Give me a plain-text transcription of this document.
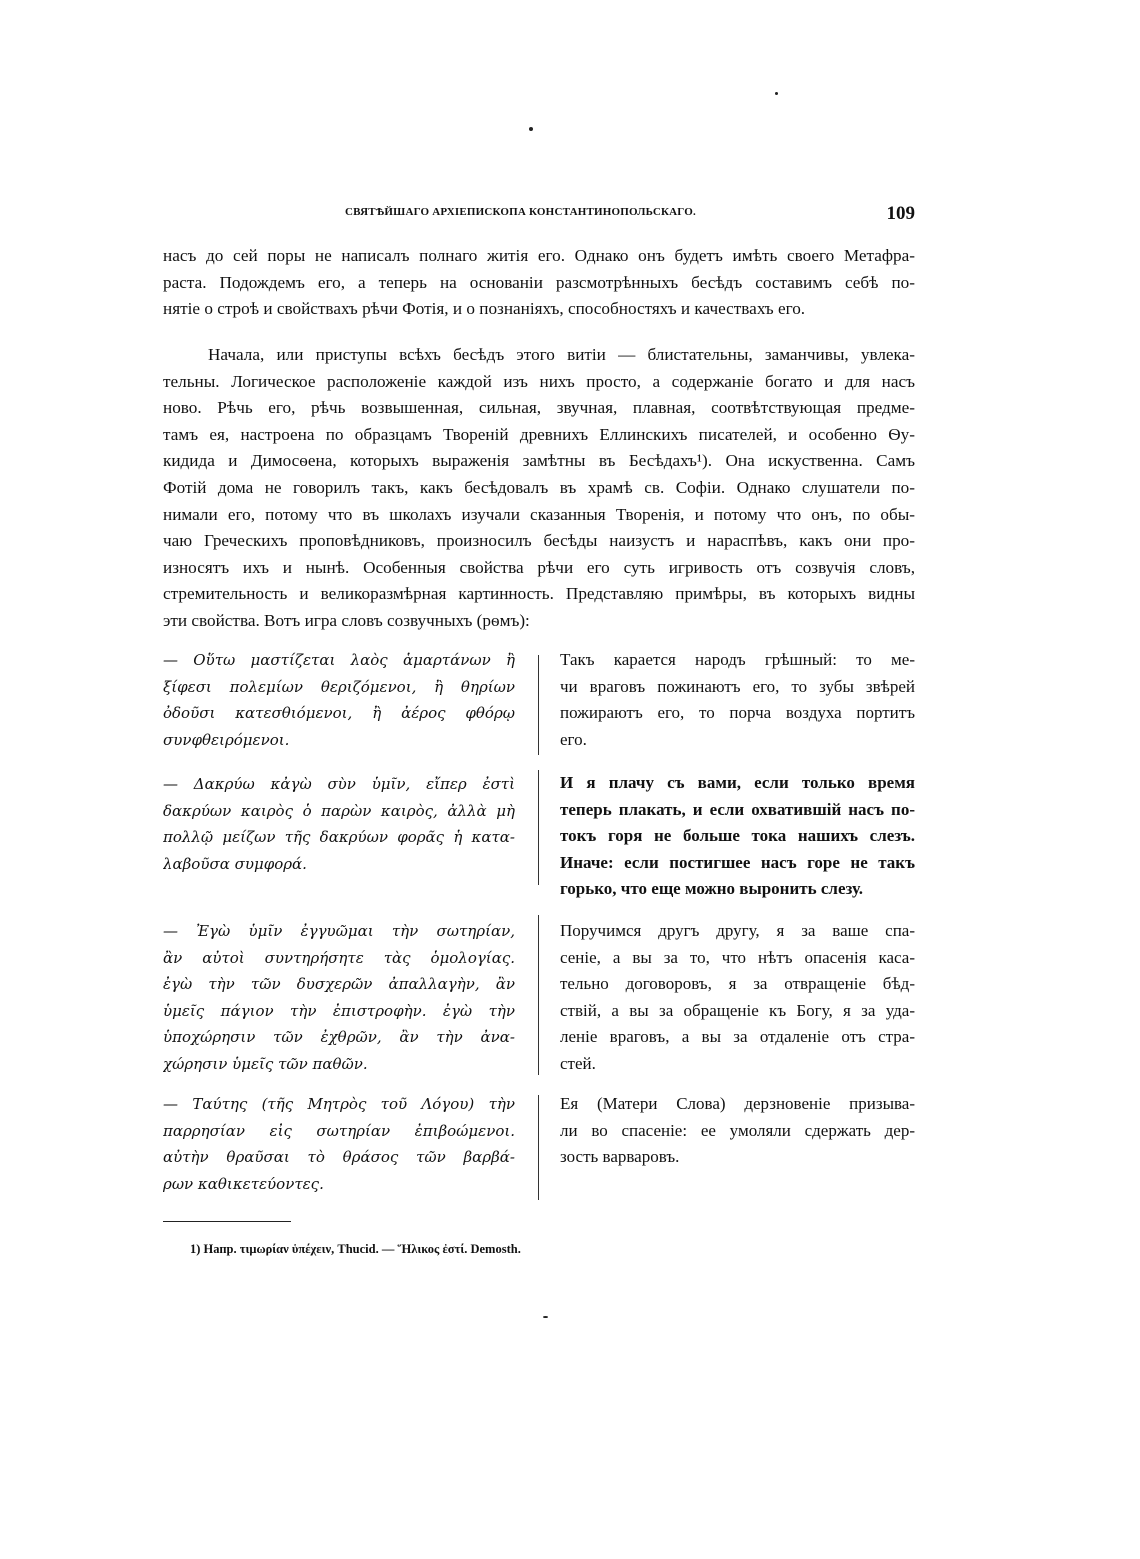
СВЯТѢЙШАГО АРХІЕПИСКОПА КОНСТАНТИНОПОЛЬСКАГО.	109
насъ до сей поры не написалъ полнаго житія его. Однако онъ будетъ имѣть своего Метафра-
раста. Подождемъ его, а теперь на основаніи разсмотрѣнныхъ бесѣдъ составимъ себѣ по-
нятіе о строѣ и свойствахъ рѣчи Фотія, и о познаніяхъ, способностяхъ и качествахъ его.
Начала, или приступы всѣхъ бесѣдъ этого витіи — блистательны, заманчивы, увлека-
тельны. Логическое расположеніе каждой изъ нихъ просто, а содержаніе богато и для насъ
ново. Рѣчь его, рѣчь возвышенная, сильная, звучная, плавная, соотвѣтствующая предме-
тамъ ея, настроена по образцамъ Твореній древнихъ Еллинскихъ писателей, и особенно Ѳу-
кидида и Димосѳена, которыхъ выраженія замѣтны въ Бесѣдахъ¹). Она искуственна. Самъ
Фотій дома не говорилъ такъ, какъ бесѣдовалъ въ храмѣ св. Софіи. Однако слушатели по-
нимали его, потому что въ школахъ изучали сказанныя Творенія, и потому что онъ, по обы-
чаю Греческихъ проповѣдниковъ, произносилъ бесѣды наизустъ и нараспѣвъ, какъ они про-
износятъ ихъ и нынѣ. Особенныя свойства рѣчи его суть игривость отъ созвучія словъ,
стремительность и великоразмѣрная картинность. Представляю примѣры, въ которыхъ видны
эти свойства. Вотъ игра словъ созвучныхъ (рѳмъ):
— Οὕτω μαστίζεται λαὸς ἁμαρτάνων ἢ
ξίφεσι πολεμίων θεριζόμενοι, ἢ θηρίων
ὀδοῦσι κατεσθιόμενοι, ἢ ἀέρος φθόρῳ
συνφθειρόμενοι.
— Δακρύω κἀγὼ σὺν ὑμῖν, εἴπερ ἐστὶ
δακρύων καιρὸς ὁ παρὼν καιρὸς, ἀλλὰ μὴ
πολλῷ μείζων τῆς δακρύων φορᾶς ἡ κατα-
λαβοῦσα συμφορά.
— Ἐγὼ ὑμῖν ἐγγυῶμαι τὴν σωτηρίαν,
ἂν αὐτοὶ συντηρήσητε τὰς ὁμολογίας.
ἐγὼ τὴν τῶν δυσχερῶν ἀπαλλαγὴν, ἂν
ὑμεῖς πάγιον τὴν ἐπιστροφὴν. ἐγὼ τὴν
ὑποχώρησιν τῶν ἐχθρῶν, ἂν τὴν ἀνα-
χώρησιν ὑμεῖς τῶν παθῶν.
— Ταύτης (τῆς Μητρὸς τοῦ Λόγου) τὴν
παρρησίαν εἰς σωτηρίαν ἐπιβοώμενοι.
αὐτὴν θραῦσαι τὸ θράσος τῶν βαρβά-
ρων καθικετεύοντες.
Такъ карается народъ грѣшный: то ме-
чи враговъ пожинаютъ его, то зубы звѣрей
пожираютъ его, то порча воздуха портитъ
его.
И я плачу съ вами, если только время
теперь плакать, и если охватившій насъ по-
токъ горя не больше тока нашихъ слезъ.
Иначе: если постигшее насъ горе не такъ
горько, что еще можно выронить слезу.
Поручимся другъ другу, я за ваше спа-
сеніе, а вы за то, что нѣтъ опасенія каса-
тельно договоровъ, я за отвращеніе бѣд-
ствій, а вы за обращеніе къ Богу, я за уда-
леніе враговъ, а вы за отдаленіе отъ стра-
стей.
Ея (Матери Слова) дерзновеніе призыва-
ли во спасеніе: ее умоляли сдержать дер-
зость варваровъ.
1) Напр. τιμωρίαν ὑπέχειν, Thucid. — Ἥλικος ἐστί. Demosth.
